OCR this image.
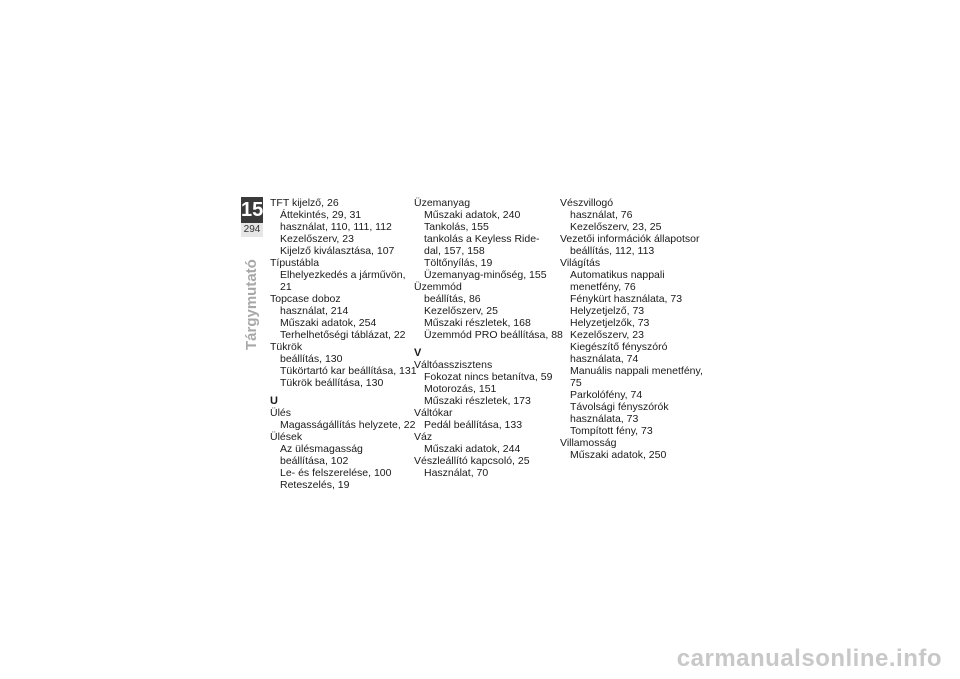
15
294
Tárgymutató
TFT kijelző, 26
Áttekintés, 29, 31
használat, 110, 111, 112
Kezelőszerv, 23
Kijelző kiválasztása, 107
Típustábla
Elhelyezkedés a járművön, 21
Topcase doboz
használat, 214
Műszaki adatok, 254
Terhelhetőségi táblázat, 22
Tükrök
beállítás, 130
Tükörtartó kar beállítása, 131
Tükrök beállítása, 130
U
Ülés
Magasságállítás helyzete, 22
Ülések
Az ülésmagasság
beállítása, 102
Le- és felszerelése, 100
Reteszelés, 19
Üzemanyag
Műszaki adatok, 240
Tankolás, 155
tankolás a Keyless Ride-
dal, 157, 158
Töltőnyílás, 19
Üzemanyag-minőség, 155
Üzemmód
beállítás, 86
Kezelőszerv, 25
Műszaki részletek, 168
Üzemmód PRO beállítása, 88
V
Váltóasszisztens
Fokozat nincs betanítva, 59
Motorozás, 151
Műszaki részletek, 173
Váltókar
Pedál beállítása, 133
Váz
Műszaki adatok, 244
Vészleállító kapcsoló, 25
Használat, 70
Vészvillogó
használat, 76
Kezelőszerv, 23, 25
Vezetői információk állapotsor
beállítás, 112, 113
Világítás
Automatikus nappali
menetfény, 76
Fénykürt használata, 73
Helyzetjelző, 73
Helyzetjelzők, 73
Kezelőszerv, 23
Kiegészítő fényszóró
használata, 74
Manuális nappali menetfény, 75
Parkolófény, 74
Távolsági fényszórók
használata, 73
Tompított fény, 73
Villamosság
Műszaki adatok, 250
carmanualsonline.info
